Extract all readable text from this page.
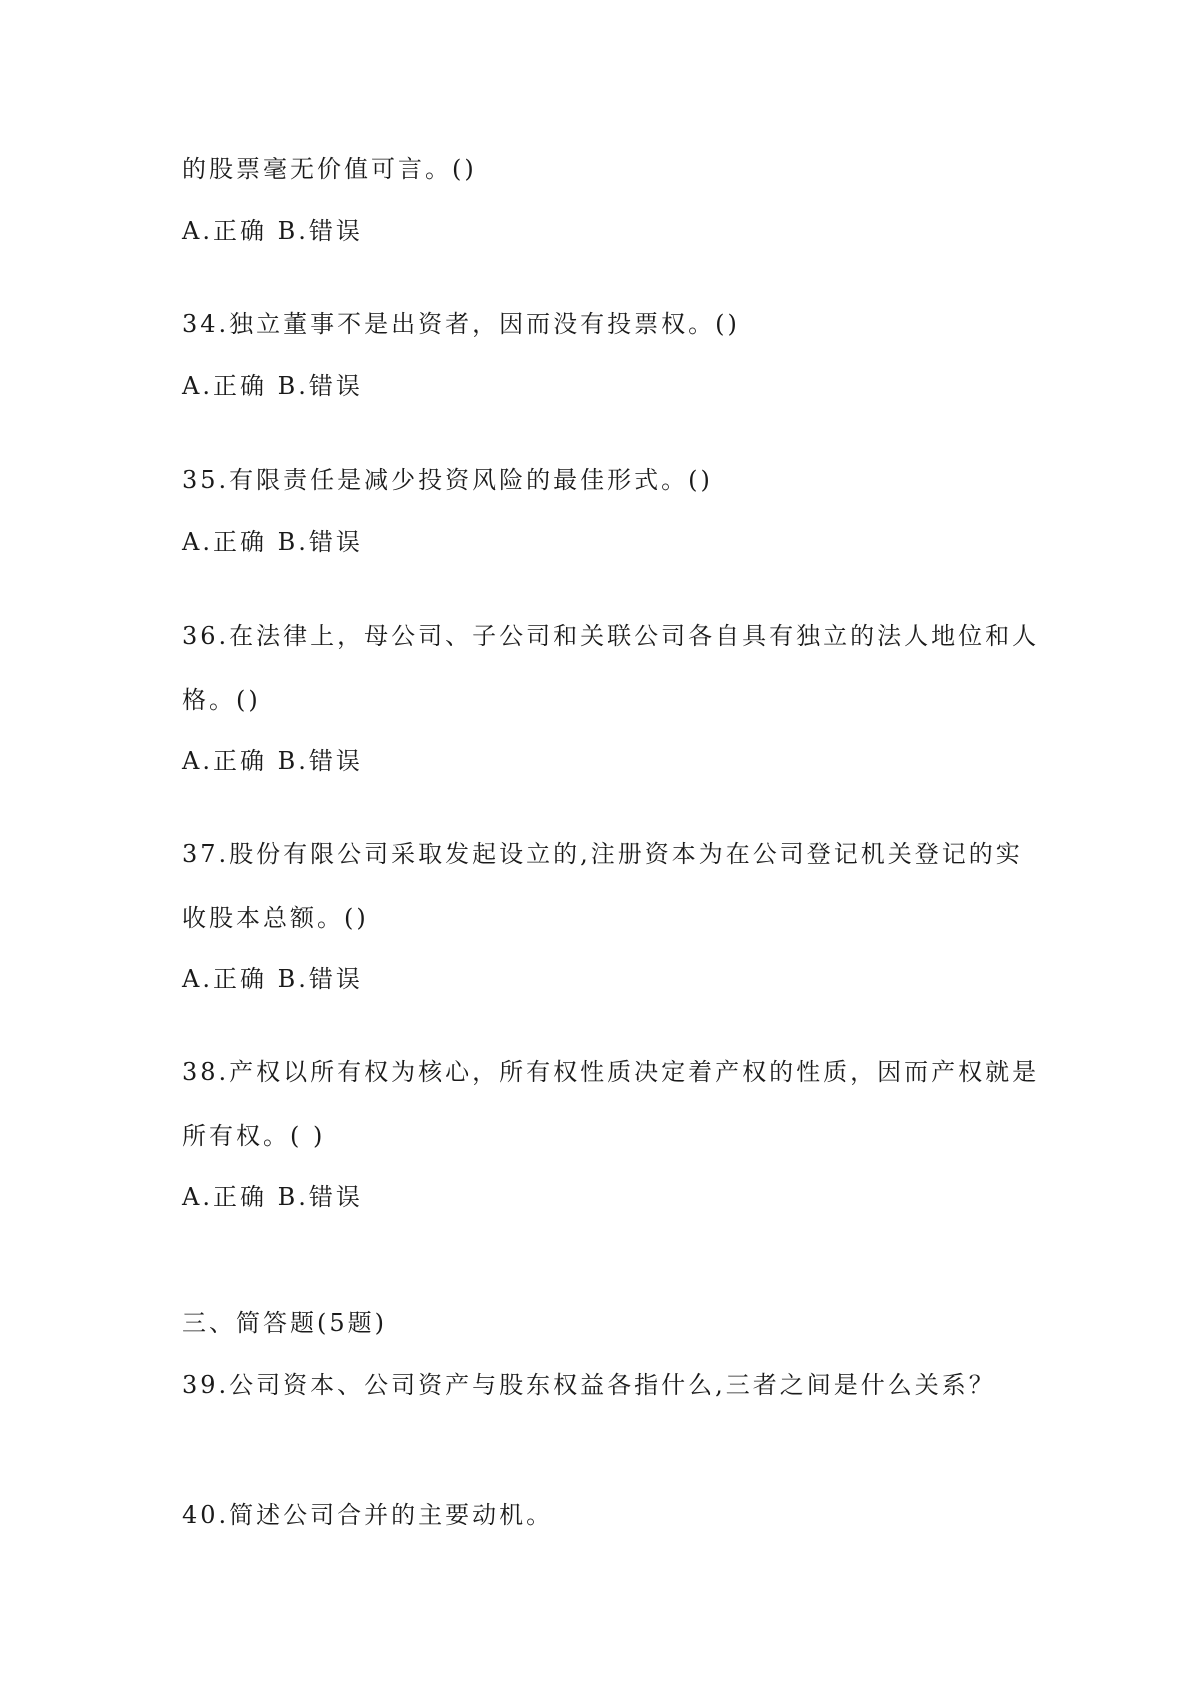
的股票毫无价值可言。()

A.正确 B.错误

34.独立董事不是出资者，因而没有投票权。()

A.正确 B.错误

35.有限责任是减少投资风险的最佳形式。()

A.正确 B.错误

36.在法律上，母公司、子公司和关联公司各自具有独立的法人地位和人

格。()

A.正确 B.错误

37.股份有限公司采取发起设立的,注册资本为在公司登记机关登记的实

收股本总额。()

A.正确 B.错误

38.产权以所有权为核心，所有权性质决定着产权的性质，因而产权就是

所有权。( )

A.正确 B.错误

三、简答题(5题)

39.公司资本、公司资产与股东权益各指什么,三者之间是什么关系？

40.简述公司合并的主要动机。
